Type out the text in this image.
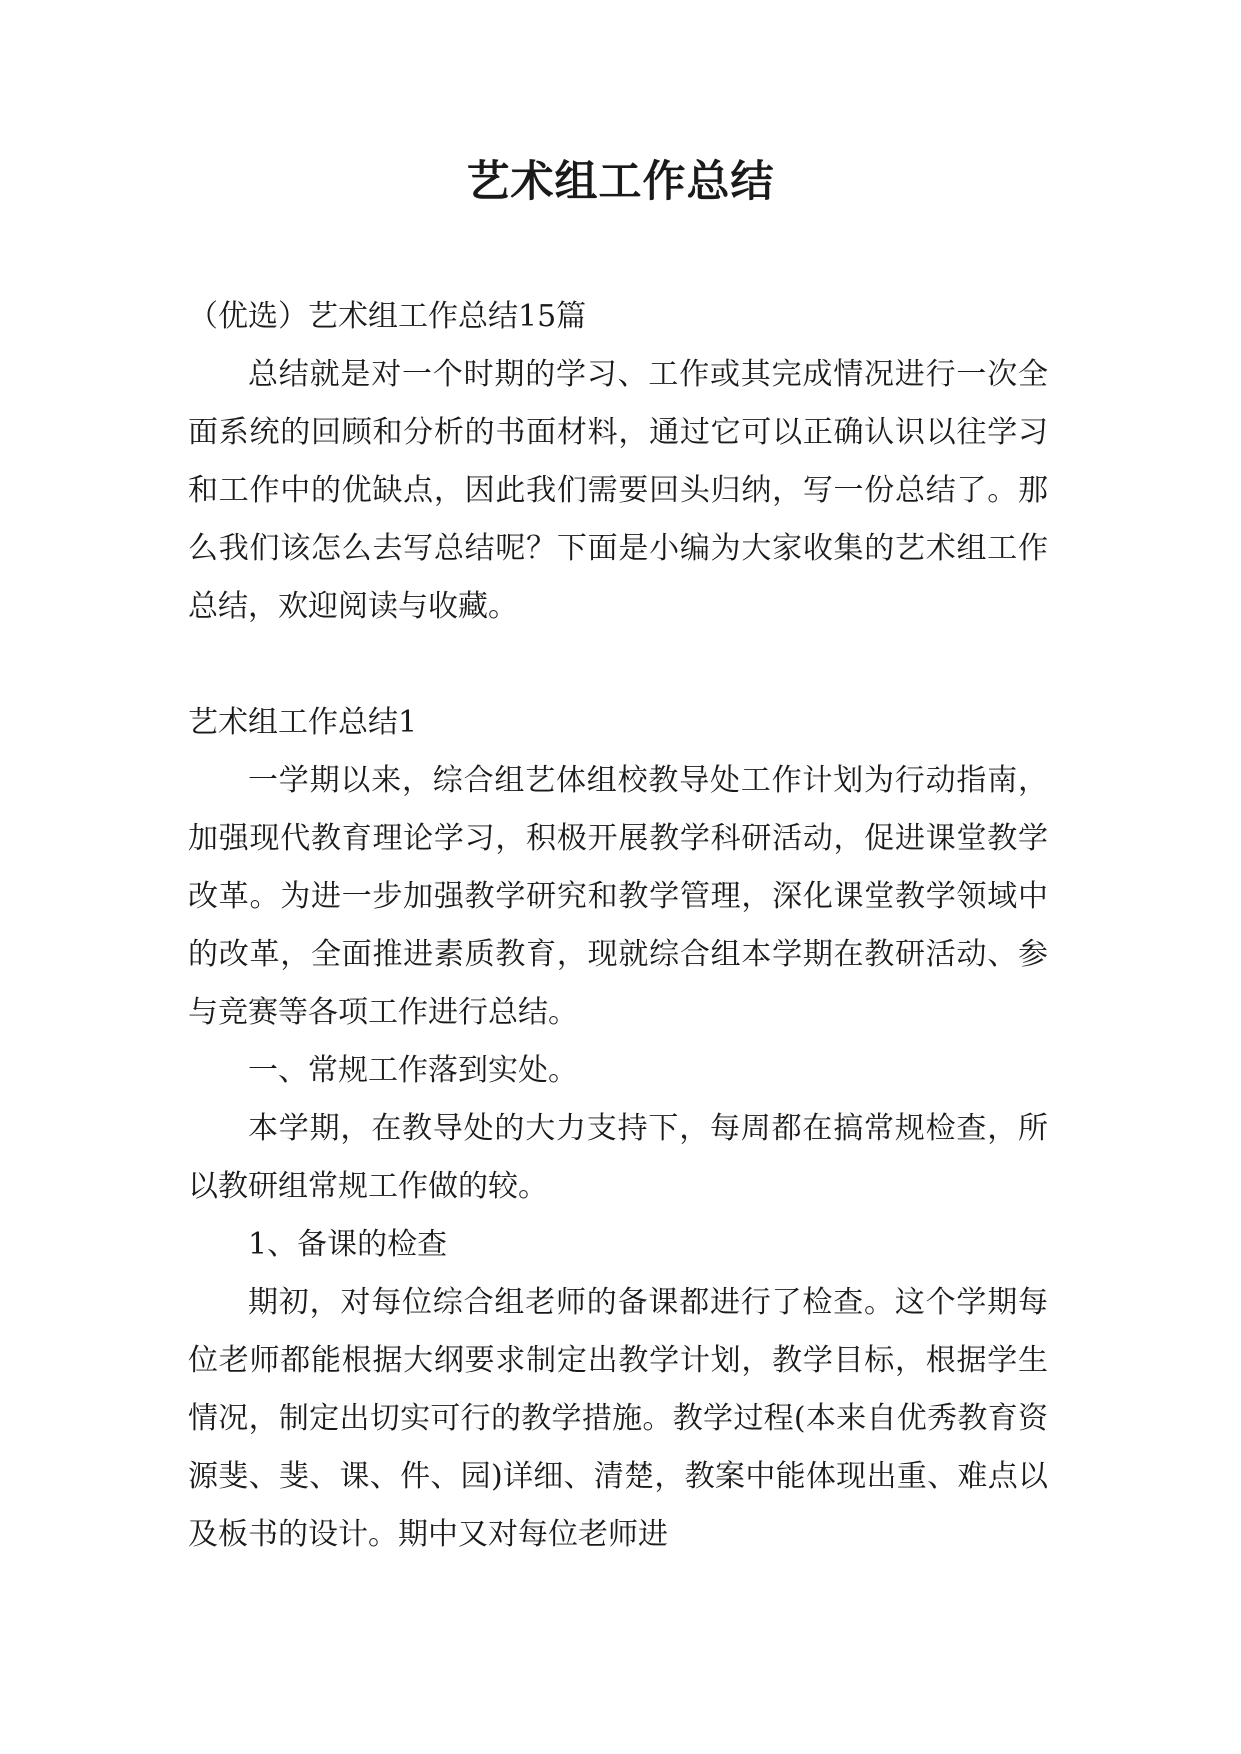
艺术组工作总结

（优选）艺术组工作总结15篇

总结就是对一个时期的学习、工作或其完成情况进行一次全面系统的回顾和分析的书面材料，通过它可以正确认识以往学习和工作中的优缺点，因此我们需要回头归纳，写一份总结了。那么我们该怎么去写总结呢？下面是小编为大家收集的艺术组工作总结，欢迎阅读与收藏。

艺术组工作总结1

一学期以来，综合组艺体组校教导处工作计划为行动指南，加强现代教育理论学习，积极开展教学科研活动，促进课堂教学改革。为进一步加强教学研究和教学管理，深化课堂教学领域中的改革，全面推进素质教育，现就综合组本学期在教研活动、参与竞赛等各项工作进行总结。

一、常规工作落到实处。

本学期，在教导处的大力支持下，每周都在搞常规检查，所以教研组常规工作做的较。

1、备课的检查

期初，对每位综合组老师的备课都进行了检查。这个学期每位老师都能根据大纲要求制定出教学计划，教学目标，根据学生情况，制定出切实可行的教学措施。教学过程(本来自优秀教育资源斐、斐、课、件、园)详细、清楚，教案中能体现出重、难点以及板书的设计。期中又对每位老师进
